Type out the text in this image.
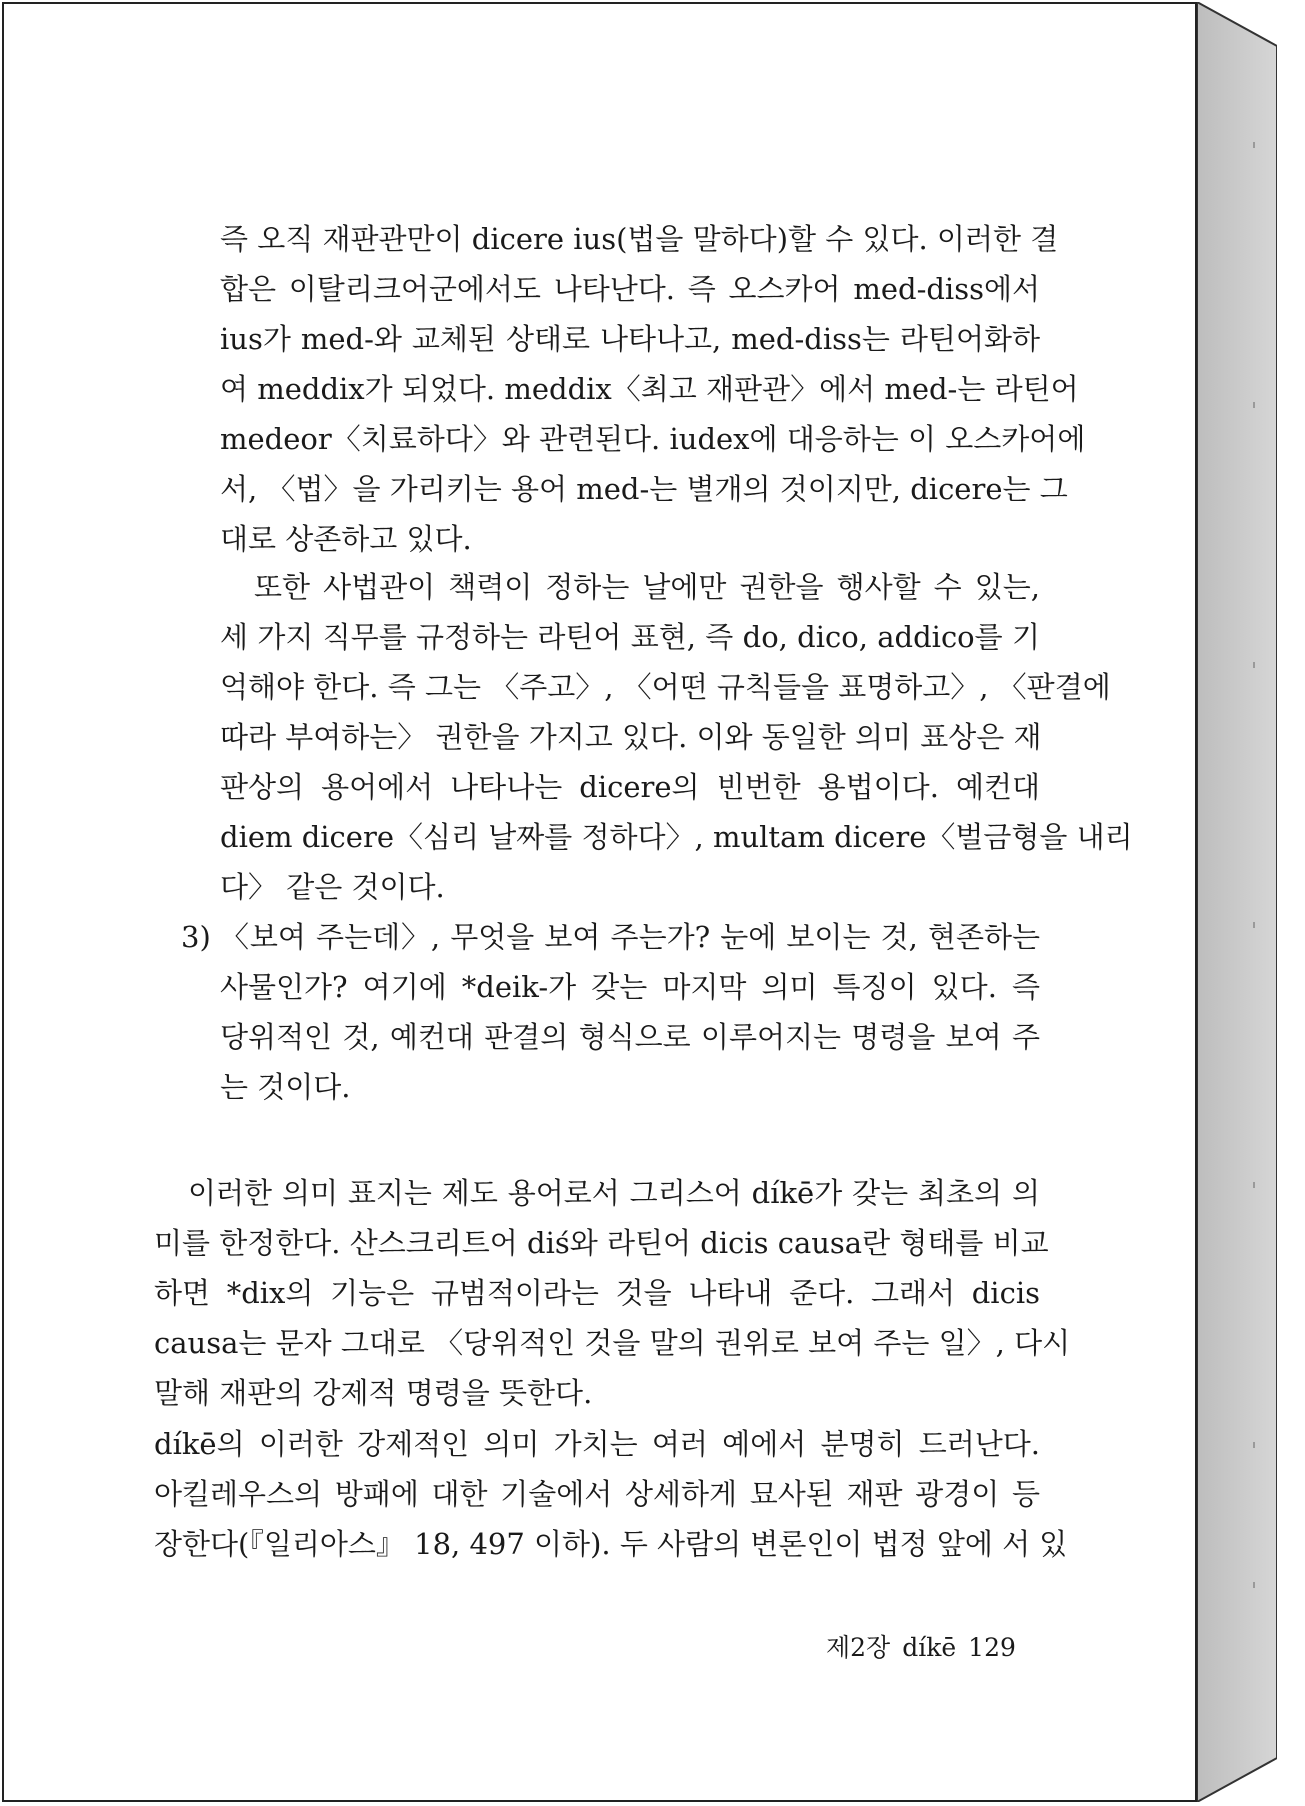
즉 오직 재판관만이 dicere ius(법을 말하다)할 수 있다. 이러한 결
합은 이탈리크어군에서도 나타난다. 즉 오스카어 med-diss에서
ius가 med-와 교체된 상태로 나타나고, med-diss는 라틴어화하
여 meddix가 되었다. meddix〈최고 재판관〉에서 med-는 라틴어
medeor〈치료하다〉와 관련된다. iudex에 대응하는 이 오스카어에
서, 〈법〉을 가리키는 용어 med-는 별개의 것이지만, dicere는 그
대로 상존하고 있다.

또한 사법관이 책력이 정하는 날에만 권한을 행사할 수 있는,
세 가지 직무를 규정하는 라틴어 표현, 즉 do, dico, addico를 기
억해야 한다. 즉 그는 〈주고〉, 〈어떤 규칙들을 표명하고〉, 〈판결에
따라 부여하는〉 권한을 가지고 있다. 이와 동일한 의미 표상은 재
판상의 용어에서 나타나는 dicere의 빈번한 용법이다. 예컨대
diem dicere〈심리 날짜를 정하다〉, multam dicere〈벌금형을 내리
다〉 같은 것이다.

3) 〈보여 주는데〉, 무엇을 보여 주는가? 눈에 보이는 것, 현존하는
사물인가? 여기에 *deik-가 갖는 마지막 의미 특징이 있다. 즉
당위적인 것, 예컨대 판결의 형식으로 이루어지는 명령을 보여 주
는 것이다.

이러한 의미 표지는 제도 용어로서 그리스어 díkē가 갖는 최초의 의
미를 한정한다. 산스크리트어 diś와 라틴어 dicis causa란 형태를 비교
하면 *dix의 기능은 규범적이라는 것을 나타내 준다. 그래서 dicis
causa는 문자 그대로 〈당위적인 것을 말의 권위로 보여 주는 일〉, 다시
말해 재판의 강제적 명령을 뜻한다.

díkē의 이러한 강제적인 의미 가치는 여러 예에서 분명히 드러난다.
아킬레우스의 방패에 대한 기술에서 상세하게 묘사된 재판 광경이 등
장한다(『일리아스』 18, 497 이하). 두 사람의 변론인이 법정 앞에 서 있

제2장 díkē 129
